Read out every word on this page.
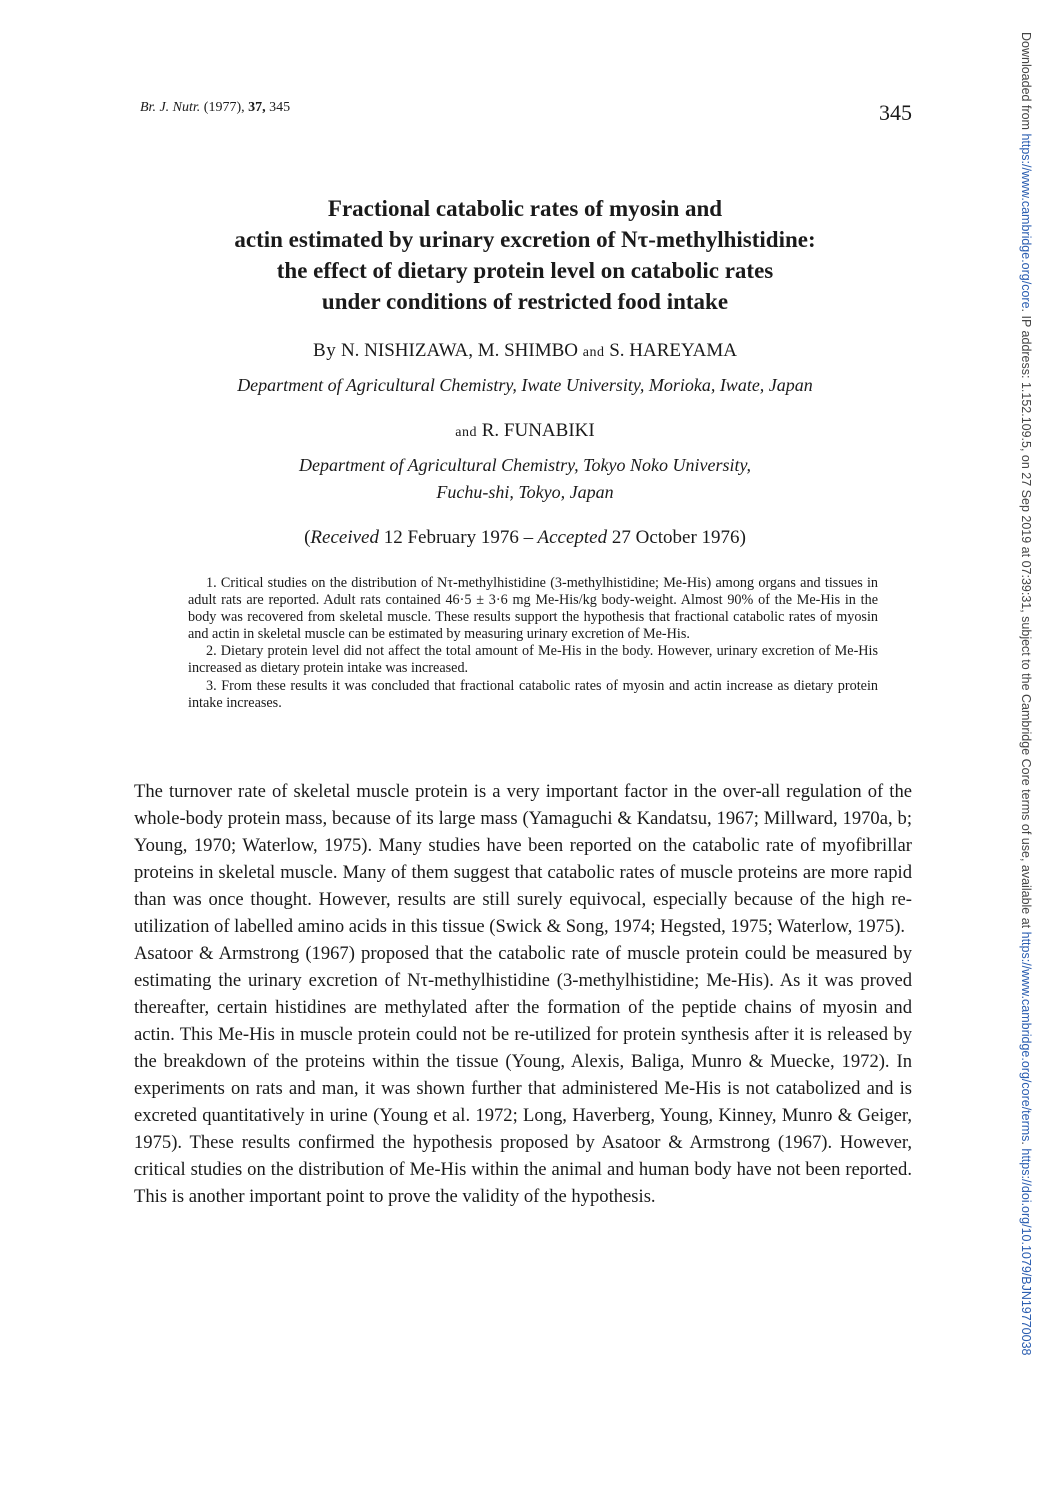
Br. J. Nutr. (1977), 37, 345	345
Fractional catabolic rates of myosin and
actin estimated by urinary excretion of Nτ-methylhistidine:
the effect of dietary protein level on catabolic rates
under conditions of restricted food intake
By N. NISHIZAWA, M. SHIMBO and S. HAREYAMA
Department of Agricultural Chemistry, Iwate University, Morioka, Iwate, Japan
and R. FUNABIKI
Department of Agricultural Chemistry, Tokyo Noko University,
Fuchu-shi, Tokyo, Japan
(Received 12 February 1976 – Accepted 27 October 1976)

1. Critical studies on the distribution of Nτ-methylhistidine (3-methylhistidine; Me-His) among organs and tissues in adult rats are reported. Adult rats contained 46·5 ± 3·6 mg Me-His/kg body-weight. Almost 90% of the Me-His in the body was recovered from skeletal muscle. These results support the hypothesis that fractional catabolic rates of myosin and actin in skeletal muscle can be estimated by measuring urinary excretion of Me-His.

2. Dietary protein level did not affect the total amount of Me-His in the body. However, urinary excretion of Me-His increased as dietary protein intake was increased.

3. From these results it was concluded that fractional catabolic rates of myosin and actin increase as dietary protein intake increases.

The turnover rate of skeletal muscle protein is a very important factor in the over-all regulation of the whole-body protein mass, because of its large mass (Yamaguchi & Kandatsu, 1967; Millward, 1970a, b; Young, 1970; Waterlow, 1975). Many studies have been reported on the catabolic rate of myofibrillar proteins in skeletal muscle. Many of them suggest that catabolic rates of muscle proteins are more rapid than was once thought. However, results are still surely equivocal, especially because of the high re-utilization of labelled amino acids in this tissue (Swick & Song, 1974; Hegsted, 1975; Waterlow, 1975).

Asatoor & Armstrong (1967) proposed that the catabolic rate of muscle protein could be measured by estimating the urinary excretion of Nτ-methylhistidine (3-methylhistidine; Me-His). As it was proved thereafter, certain histidines are methylated after the formation of the peptide chains of myosin and actin. This Me-His in muscle protein could not be re-utilized for protein synthesis after it is released by the breakdown of the proteins within the tissue (Young, Alexis, Baliga, Munro & Muecke, 1972). In experiments on rats and man, it was shown further that administered Me-His is not catabolized and is excreted quantitatively in urine (Young et al. 1972; Long, Haverberg, Young, Kinney, Munro & Geiger, 1975). These results confirmed the hypothesis proposed by Asatoor & Armstrong (1967). However, critical studies on the distribution of Me-His within the animal and human body have not been reported. This is another important point to prove the validity of the hypothesis.

Downloaded from https://www.cambridge.org/core. IP address: 1.152.109.5, on 27 Sep 2019 at 07:39:31, subject to the Cambridge Core terms of use, available at https://www.cambridge.org/core/terms. https://doi.org/10.1079/BJN19770038
